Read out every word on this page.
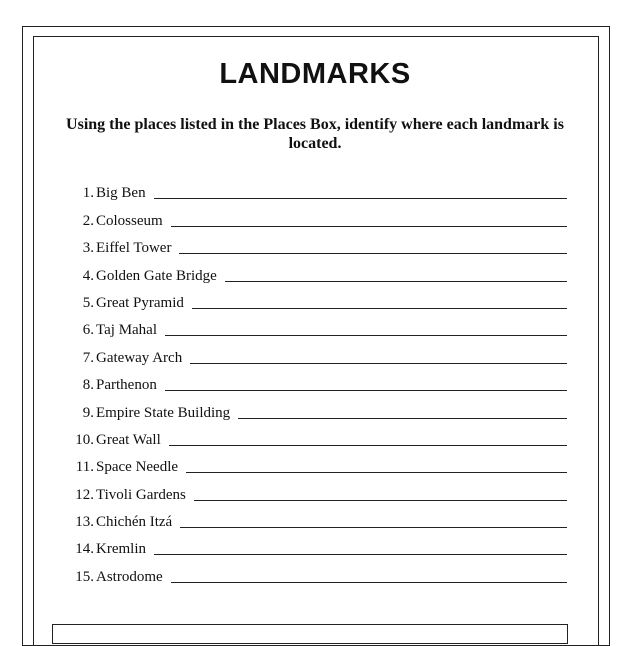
LANDMARKS
Using the places listed in the Places Box, identify where each landmark is located.
1. Big Ben
2. Colosseum
3. Eiffel Tower
4. Golden Gate Bridge
5. Great Pyramid
6. Taj Mahal
7. Gateway Arch
8. Parthenon
9. Empire State Building
10. Great Wall
11. Space Needle
12. Tivoli Gardens
13. Chichén Itzá
14. Kremlin
15. Astrodome
